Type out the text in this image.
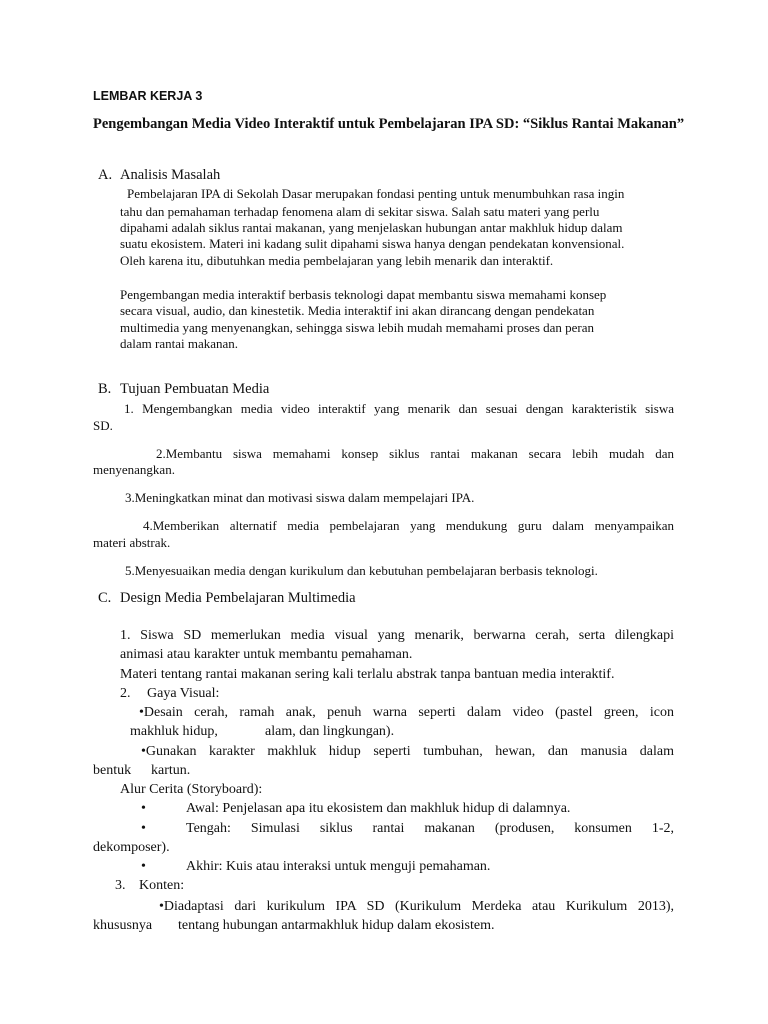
LEMBAR KERJA 3
Pengembangan Media Video Interaktif untuk Pembelajaran IPA SD: “Siklus Rantai Makanan”
A. Analisis Masalah
Pembelajaran IPA di Sekolah Dasar merupakan fondasi penting untuk menumbuhkan rasa ingin
tahu dan pemahaman terhadap fenomena alam di sekitar siswa. Salah satu materi yang perlu
dipahami adalah siklus rantai makanan, yang menjelaskan hubungan antar makhluk hidup dalam
suatu ekosistem. Materi ini kadang sulit dipahami siswa hanya dengan pendekatan konvensional.
Oleh karena itu, dibutuhkan media pembelajaran yang lebih menarik dan interaktif.
Pengembangan media interaktif berbasis teknologi dapat membantu siswa memahami konsep
secara visual, audio, dan kinestetik. Media interaktif ini akan dirancang dengan pendekatan
multimedia yang menyenangkan, sehingga siswa lebih mudah memahami proses dan peran
dalam rantai makanan.
B. Tujuan Pembuatan Media
1. Mengembangkan media video interaktif yang menarik dan sesuai dengan karakteristik siswa
SD.
2.Membantu siswa memahami konsep siklus rantai makanan secara lebih mudah dan
menyenangkan.
3.Meningkatkan minat dan motivasi siswa dalam mempelajari IPA.
4.Memberikan alternatif media pembelajaran yang mendukung guru dalam menyampaikan
materi abstrak.
5.Menyesuaikan media dengan kurikulum dan kebutuhan pembelajaran berbasis teknologi.
C. Design Media Pembelajaran Multimedia
1. Siswa SD memerlukan media visual yang menarik, berwarna cerah, serta dilengkapi
animasi atau karakter untuk membantu pemahaman.
Materi tentang rantai makanan sering kali terlalu abstrak tanpa bantuan media interaktif.
2. Gaya Visual:
•Desain cerah, ramah anak, penuh warna seperti dalam video (pastel green, icon
makhluk hidup,	alam, dan lingkungan).
•Gunakan karakter makhluk hidup seperti tumbuhan, hewan, dan manusia dalam
bentuk kartun.
Alur Cerita (Storyboard):
•	Awal: Penjelasan apa itu ekosistem dan makhluk hidup di dalamnya.
•	Tengah: Simulasi siklus rantai makanan (produsen, konsumen 1-2,
dekomposer).
•	Akhir: Kuis atau interaksi untuk menguji pemahaman.
3. Konten:
•Diadaptasi dari kurikulum IPA SD (Kurikulum Merdeka atau Kurikulum 2013),
khususnya tentang hubungan antarmakhluk hidup dalam ekosistem.
